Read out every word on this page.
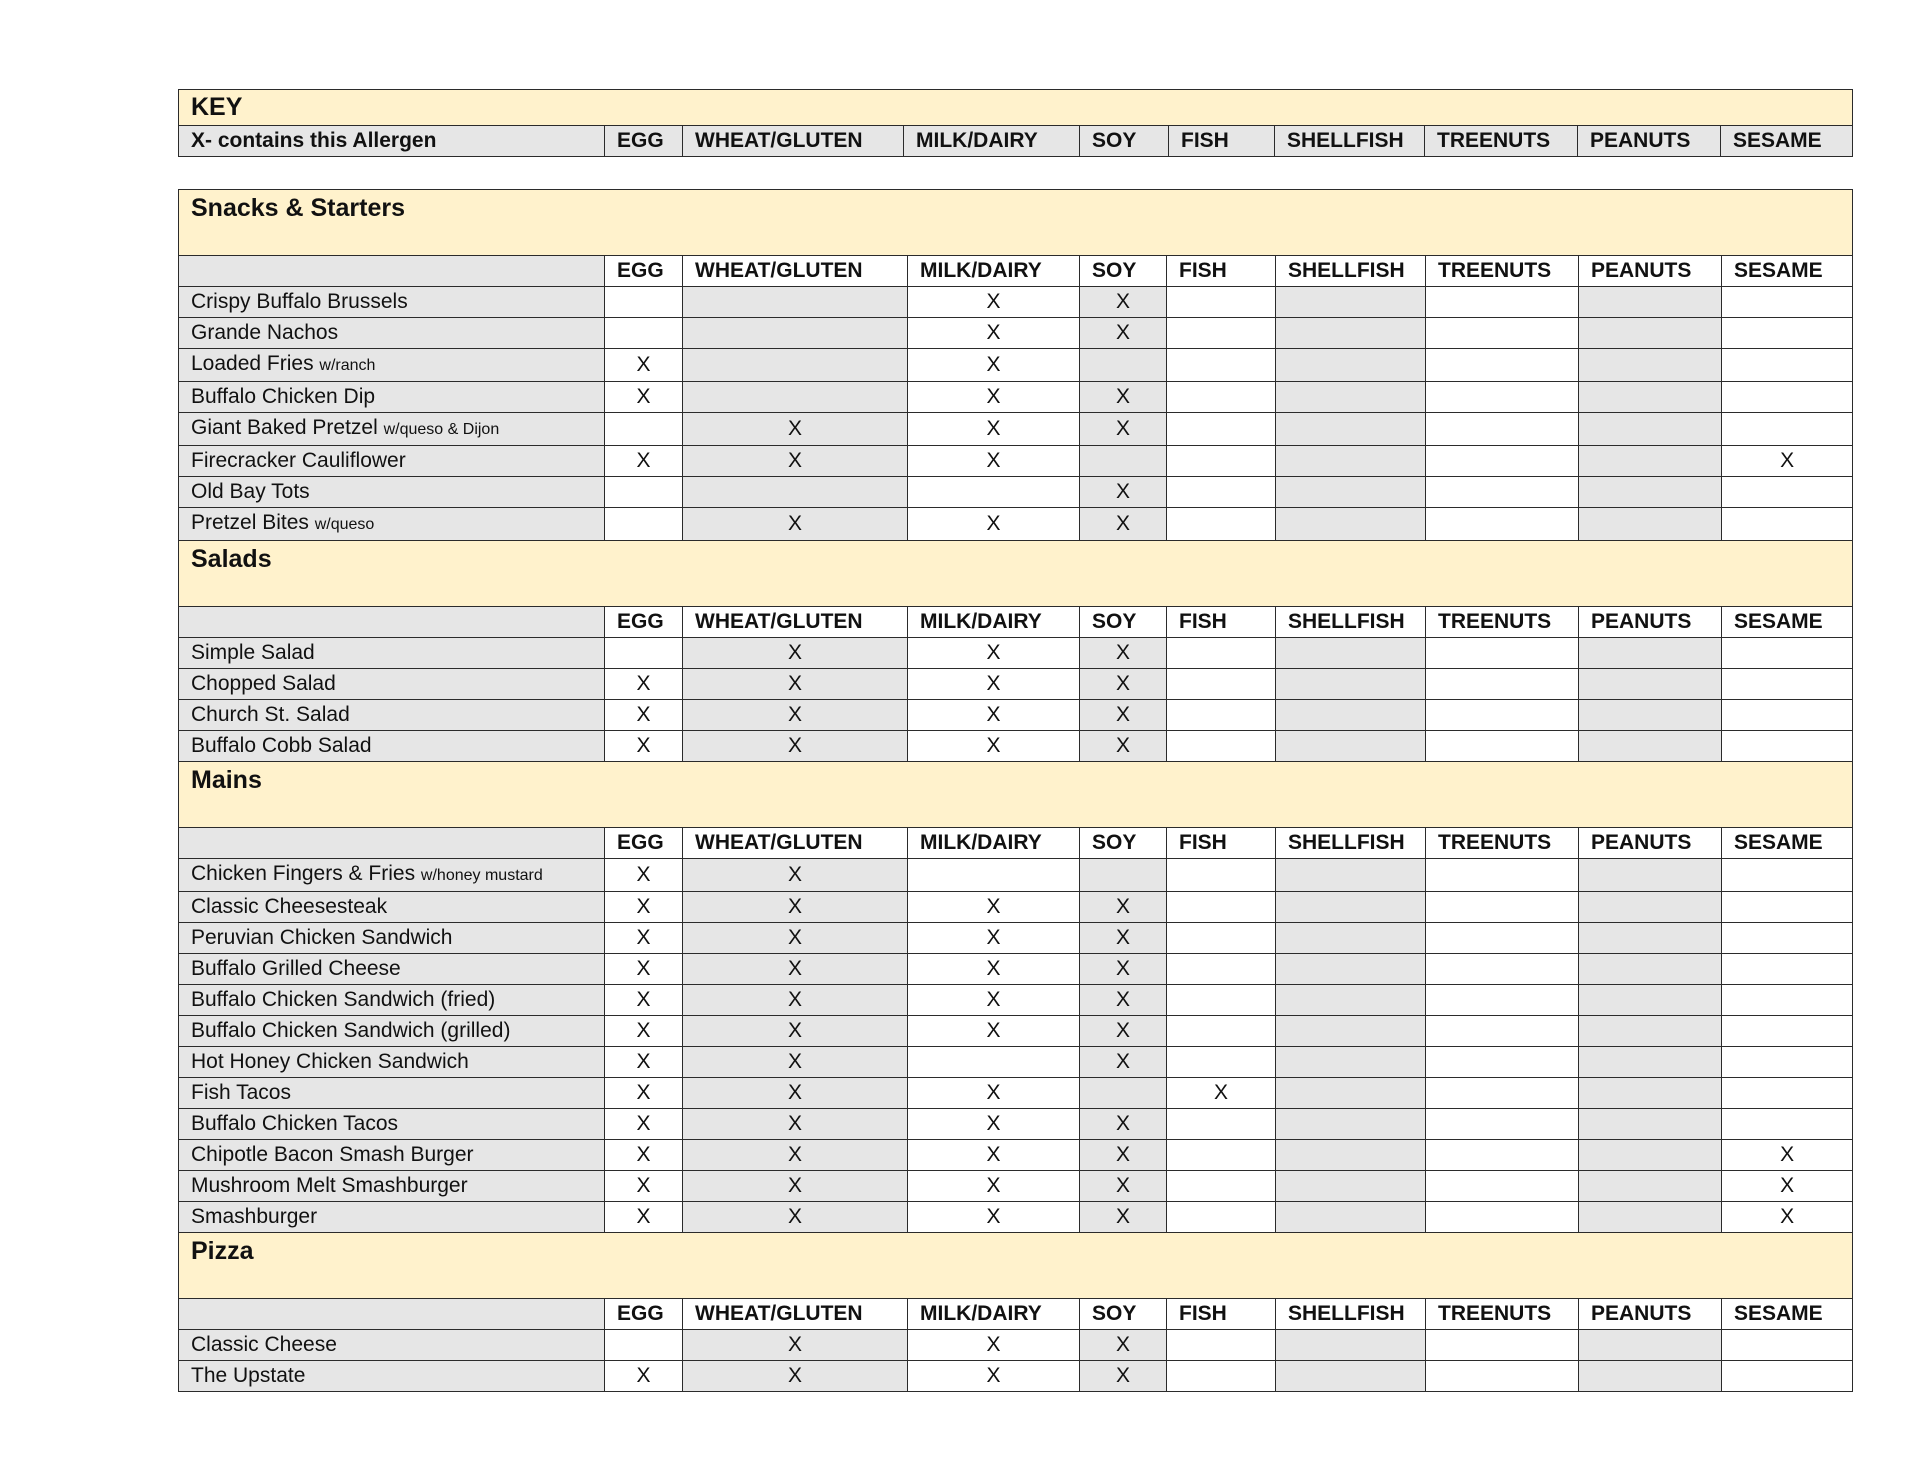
KEY
X- contains this Allergen	EGG	WHEAT/GLUTEN	MILK/DAIRY	SOY	FISH	SHELLFISH	TREENUTS	PEANUTS	SESAME
Snacks & Starters									
	EGG	WHEAT/GLUTEN	MILK/DAIRY	SOY	FISH	SHELLFISH	TREENUTS	PEANUTS	SESAME
Crispy Buffalo Brussels			X	X					
Grande Nachos			X	X					
Loaded Fries w/ranch	X		X						
Buffalo Chicken Dip	X		X	X					
Giant Baked Pretzel w/queso & Dijon		X	X	X					
Firecracker Cauliflower	X	X	X						X
Old Bay Tots				X					
Pretzel Bites w/queso		X	X	X					
Salads									
	EGG	WHEAT/GLUTEN	MILK/DAIRY	SOY	FISH	SHELLFISH	TREENUTS	PEANUTS	SESAME
Simple Salad		X	X	X					
Chopped Salad	X	X	X	X					
Church St. Salad	X	X	X	X					
Buffalo Cobb Salad	X	X	X	X					
Mains									
	EGG	WHEAT/GLUTEN	MILK/DAIRY	SOY	FISH	SHELLFISH	TREENUTS	PEANUTS	SESAME
Chicken Fingers & Fries w/honey mustard	X	X							
Classic Cheesesteak	X	X	X	X					
Peruvian Chicken Sandwich	X	X	X	X					
Buffalo Grilled Cheese	X	X	X	X					
Buffalo Chicken Sandwich (fried)	X	X	X	X					
Buffalo Chicken Sandwich (grilled)	X	X	X	X					
Hot Honey Chicken Sandwich	X	X		X					
Fish Tacos	X	X	X		X				
Buffalo Chicken Tacos	X	X	X	X					
Chipotle Bacon Smash Burger	X	X	X	X					X
Mushroom Melt Smashburger	X	X	X	X					X
Smashburger	X	X	X	X					X
Pizza									
	EGG	WHEAT/GLUTEN	MILK/DAIRY	SOY	FISH	SHELLFISH	TREENUTS	PEANUTS	SESAME
Classic Cheese		X	X	X					
The Upstate	X	X	X	X					
